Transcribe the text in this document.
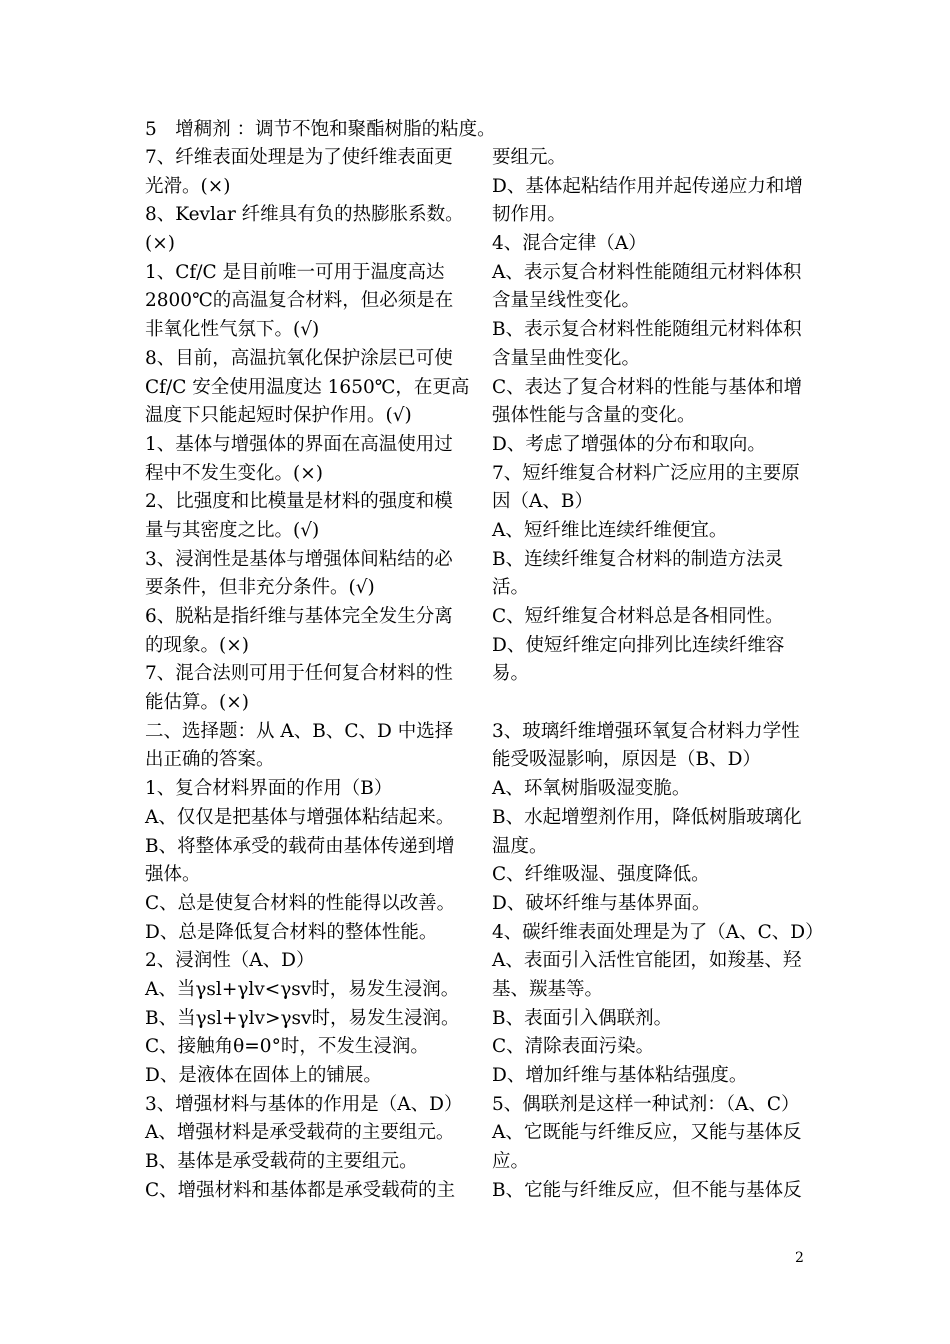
5　增稠剂 ：调节不饱和聚酯树脂的粘度。
7、纤维表面处理是为了使纤维表面更
光滑。(×)
8、Kevlar 纤维具有负的热膨胀系数。
(×)
1、Cf/C 是目前唯一可用于温度高达
2800℃的高温复合材料，但必须是在
非氧化性气氛下。(√)
8、目前，高温抗氧化保护涂层已可使
Cf/C 安全使用温度达 1650℃，在更高
温度下只能起短时保护作用。(√)
1、基体与增强体的界面在高温使用过
程中不发生变化。(×)
2、比强度和比模量是材料的强度和模
量与其密度之比。(√)
3、浸润性是基体与增强体间粘结的必
要条件，但非充分条件。(√)
6、脱粘是指纤维与基体完全发生分离
的现象。(×)
7、混合法则可用于任何复合材料的性
能估算。(×)
二、选择题：从 A、B、C、D 中选择
出正确的答案。
1、复合材料界面的作用（B）
A、仅仅是把基体与增强体粘结起来。
B、将整体承受的载荷由基体传递到增
强体。
C、总是使复合材料的性能得以改善。
D、总是降低复合材料的整体性能。
2、浸润性（A、D）
A、当γsl+γlv<γsv时，易发生浸润。
B、当γsl+γlv>γsv时，易发生浸润。
C、接触角θ=0°时，不发生浸润。
D、是液体在固体上的铺展。
3、增强材料与基体的作用是（A、D）
A、增强材料是承受载荷的主要组元。
B、基体是承受载荷的主要组元。
C、增强材料和基体都是承受载荷的主
要组元。
D、基体起粘结作用并起传递应力和增
韧作用。
4、混合定律（A）
A、表示复合材料性能随组元材料体积
含量呈线性变化。
B、表示复合材料性能随组元材料体积
含量呈曲性变化。
C、表达了复合材料的性能与基体和增
强体性能与含量的变化。
D、考虑了增强体的分布和取向。
7、短纤维复合材料广泛应用的主要原
因（A、B）
A、短纤维比连续纤维便宜。
B、连续纤维复合材料的制造方法灵
活。
C、短纤维复合材料总是各相同性。
D、使短纤维定向排列比连续纤维容
易。
3、玻璃纤维增强环氧复合材料力学性
能受吸湿影响，原因是（B、D）
A、环氧树脂吸湿变脆。
B、水起增塑剂作用，降低树脂玻璃化
温度。
C、纤维吸湿、强度降低。
D、破坏纤维与基体界面。
4、碳纤维表面处理是为了（A、C、D）
A、表面引入活性官能团，如羧基、羟
基、羰基等。
B、表面引入偶联剂。
C、清除表面污染。
D、增加纤维与基体粘结强度。
5、偶联剂是这样一种试剂：（A、C）
A、它既能与纤维反应，又能与基体反
应。
B、它能与纤维反应，但不能与基体反
2
